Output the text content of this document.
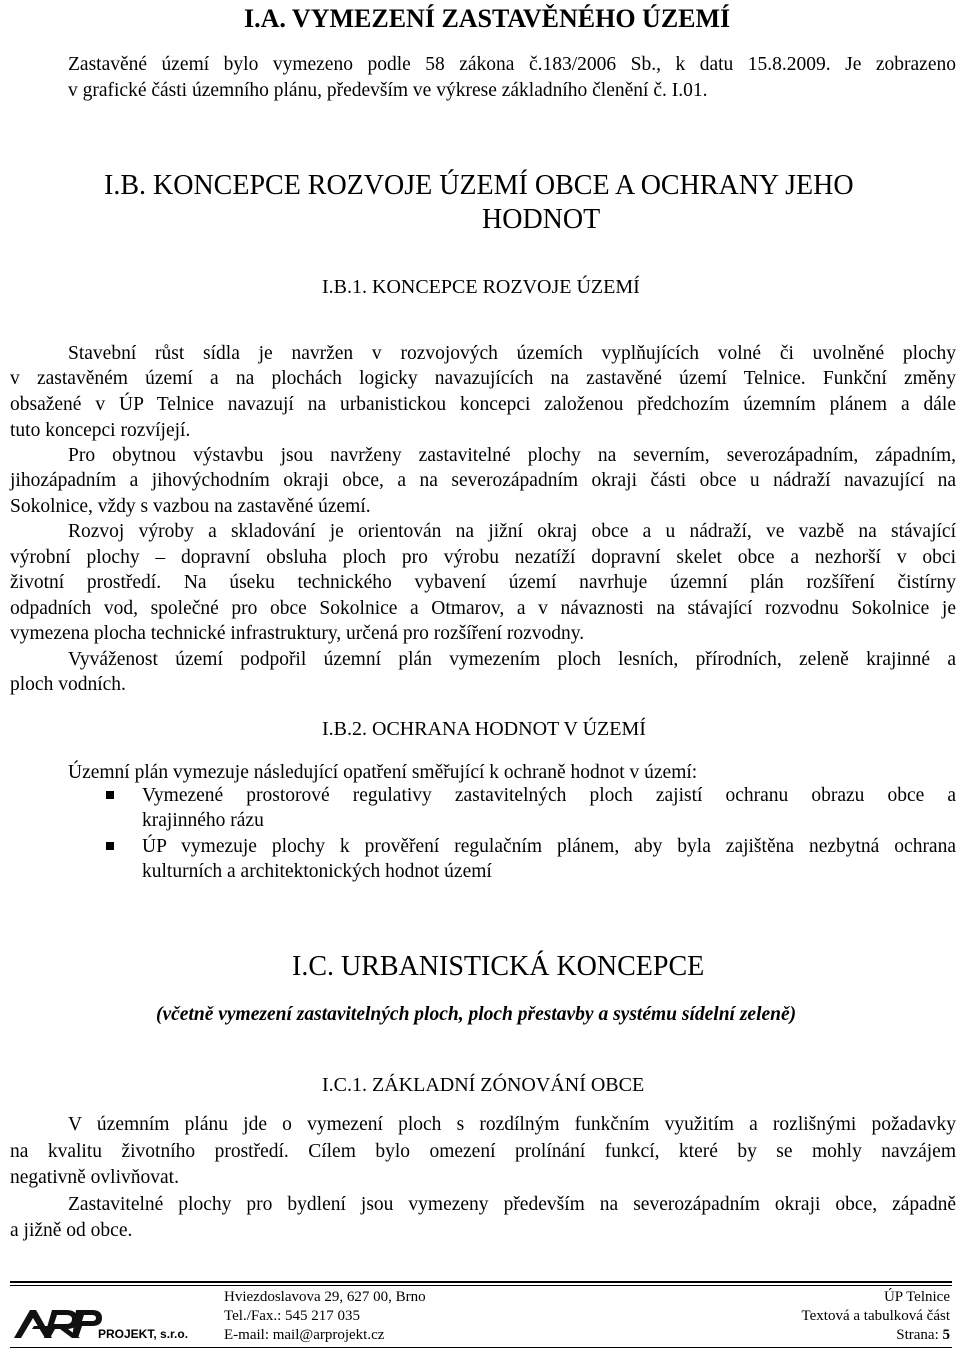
I.A. VYMEZENÍ ZASTAVĚNÉHO ÚZEMÍ
Zastavěné území bylo vymezeno podle 58 zákona č.183/2006 Sb., k datu 15.8.2009. Je zobrazeno
v grafické části územního plánu, především ve výkrese základního členění č. I.01.
I.B. KONCEPCE ROZVOJE ÚZEMÍ OBCE A OCHRANY JEHO
HODNOT
I.B.1. KONCEPCE ROZVOJE ÚZEMÍ
Stavební růst sídla je navržen v rozvojových územích vyplňujících volné či uvolněné plochy
v zastavěném území a na plochách logicky navazujících na zastavěné území Telnice. Funkční změny
obsažené v ÚP Telnice navazují na urbanistickou koncepci založenou předchozím územním plánem a dále
tuto koncepci rozvíjejí.
Pro obytnou výstavbu jsou navrženy zastavitelné plochy na severním, severozápadním, západním,
jihozápadním a jihovýchodním okraji obce, a na severozápadním okraji části obce u nádraží navazující na
Sokolnice, vždy s vazbou na zastavěné území.
Rozvoj výroby a skladování je orientován na jižní okraj obce a u nádraží, ve vazbě na stávající
výrobní plochy – dopravní obsluha ploch pro výrobu nezatíží dopravní skelet obce a nezhorší v obci
životní prostředí. Na úseku technického vybavení území navrhuje územní plán rozšíření čistírny
odpadních vod, společné pro obce Sokolnice a Otmarov, a v návaznosti na stávající rozvodnu Sokolnice je
vymezena plocha technické infrastruktury, určená pro rozšíření rozvodny.
Vyváženost území podpořil územní plán vymezením ploch lesních, přírodních, zeleně krajinné a
ploch vodních.
I.B.2. OCHRANA HODNOT V ÚZEMÍ
Územní plán vymezuje následující opatření směřující k ochraně hodnot v území:
Vymezené prostorové regulativy zastavitelných ploch zajistí ochranu obrazu obce a
krajinného rázu
ÚP vymezuje plochy k prověření regulačním plánem, aby byla zajištěna nezbytná ochrana
kulturních a architektonických hodnot území
I.C. URBANISTICKÁ KONCEPCE
(včetně vymezení zastavitelných ploch, ploch přestavby a systému sídelní zeleně)
I.C.1. ZÁKLADNÍ ZÓNOVÁNÍ OBCE
V územním plánu jde o vymezení ploch s rozdílným funkčním využitím a rozlišnými požadavky
na kvalitu životního prostředí. Cílem bylo omezení prolínání funkcí, které by se mohly navzájem
negativně ovlivňovat.
Zastavitelné plochy pro bydlení jsou vymezeny především na severozápadním okraji obce, západně
a jižně od obce.
PROJEKT, s.r.o.
Hviezdoslavova 29, 627 00, Brno
Tel./Fax.: 545 217 035
E-mail: mail@arprojekt.cz
ÚP Telnice
Textová a tabulková část
Strana: 5
